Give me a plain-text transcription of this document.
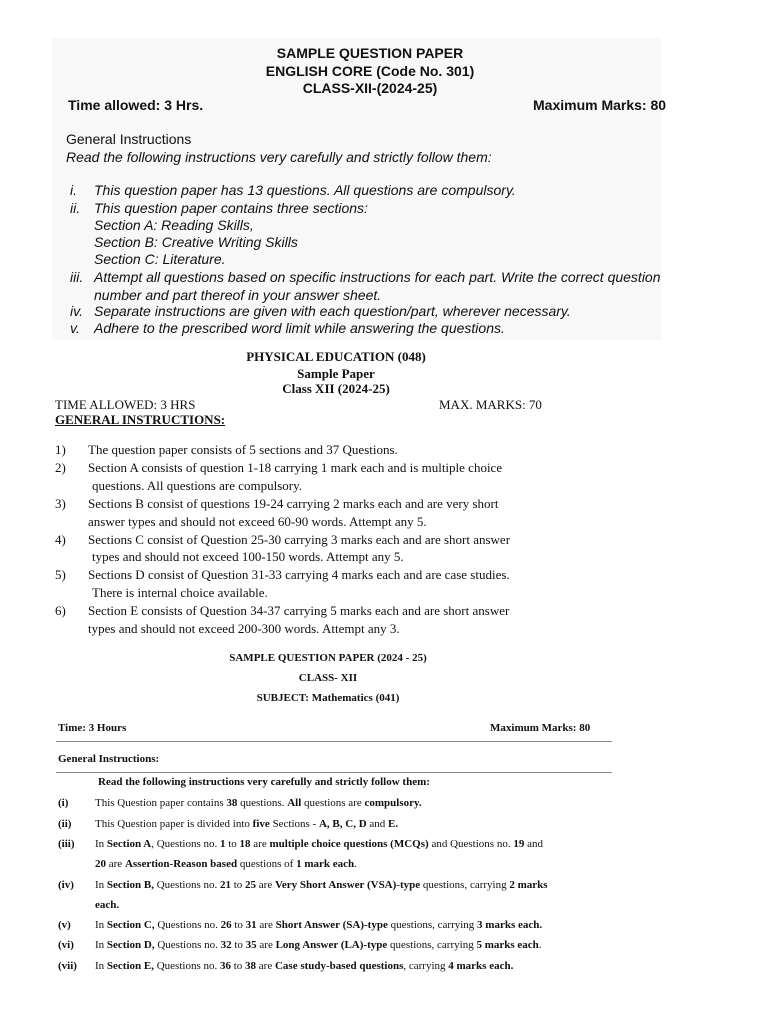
SAMPLE QUESTION PAPER
ENGLISH CORE (Code No. 301)
CLASS-XII-(2024-25)
Time allowed: 3 Hrs.	Maximum Marks: 80
General Instructions
Read the following instructions very carefully and strictly follow them:
i. This question paper has 13 questions. All questions are compulsory.
ii. This question paper contains three sections:
Section A: Reading Skills,
Section B: Creative Writing Skills
Section C: Literature.
iii. Attempt all questions based on specific instructions for each part. Write the correct question
number and part thereof in your answer sheet.
iv. Separate instructions are given with each question/part, wherever necessary.
v. Adhere to the prescribed word limit while answering the questions.
PHYSICAL EDUCATION (048)
Sample Paper
Class XII (2024-25)
TIME ALLOWED: 3 HRS	MAX. MARKS: 70
GENERAL INSTRUCTIONS:
1) The question paper consists of 5 sections and 37 Questions.
2) Section A consists of question 1-18 carrying 1 mark each and is multiple choice
questions. All questions are compulsory.
3) Sections B consist of questions 19-24 carrying 2 marks each and are very short
answer types and should not exceed 60-90 words. Attempt any 5.
4) Sections C consist of Question 25-30 carrying 3 marks each and are short answer
types and should not exceed 100-150 words. Attempt any 5.
5) Sections D consist of Question 31-33 carrying 4 marks each and are case studies.
There is internal choice available.
6) Section E consists of Question 34-37 carrying 5 marks each and are short answer
types and should not exceed 200-300 words. Attempt any 3.
SAMPLE QUESTION PAPER (2024 - 25)
CLASS- XII
SUBJECT: Mathematics (041)
Time: 3 Hours	Maximum Marks: 80
General Instructions:
Read the following instructions very carefully and strictly follow them:
(i) This Question paper contains 38 questions. All questions are compulsory.
(ii) This Question paper is divided into five Sections - A, B, C, D and E.
(iii) In Section A, Questions no. 1 to 18 are multiple choice questions (MCQs) and Questions no. 19 and
20 are Assertion-Reason based questions of 1 mark each.
(iv) In Section B, Questions no. 21 to 25 are Very Short Answer (VSA)-type questions, carrying 2 marks
each.
(v) In Section C, Questions no. 26 to 31 are Short Answer (SA)-type questions, carrying 3 marks each.
(vi) In Section D, Questions no. 32 to 35 are Long Answer (LA)-type questions, carrying 5 marks each.
(vii) In Section E, Questions no. 36 to 38 are Case study-based questions, carrying 4 marks each.
